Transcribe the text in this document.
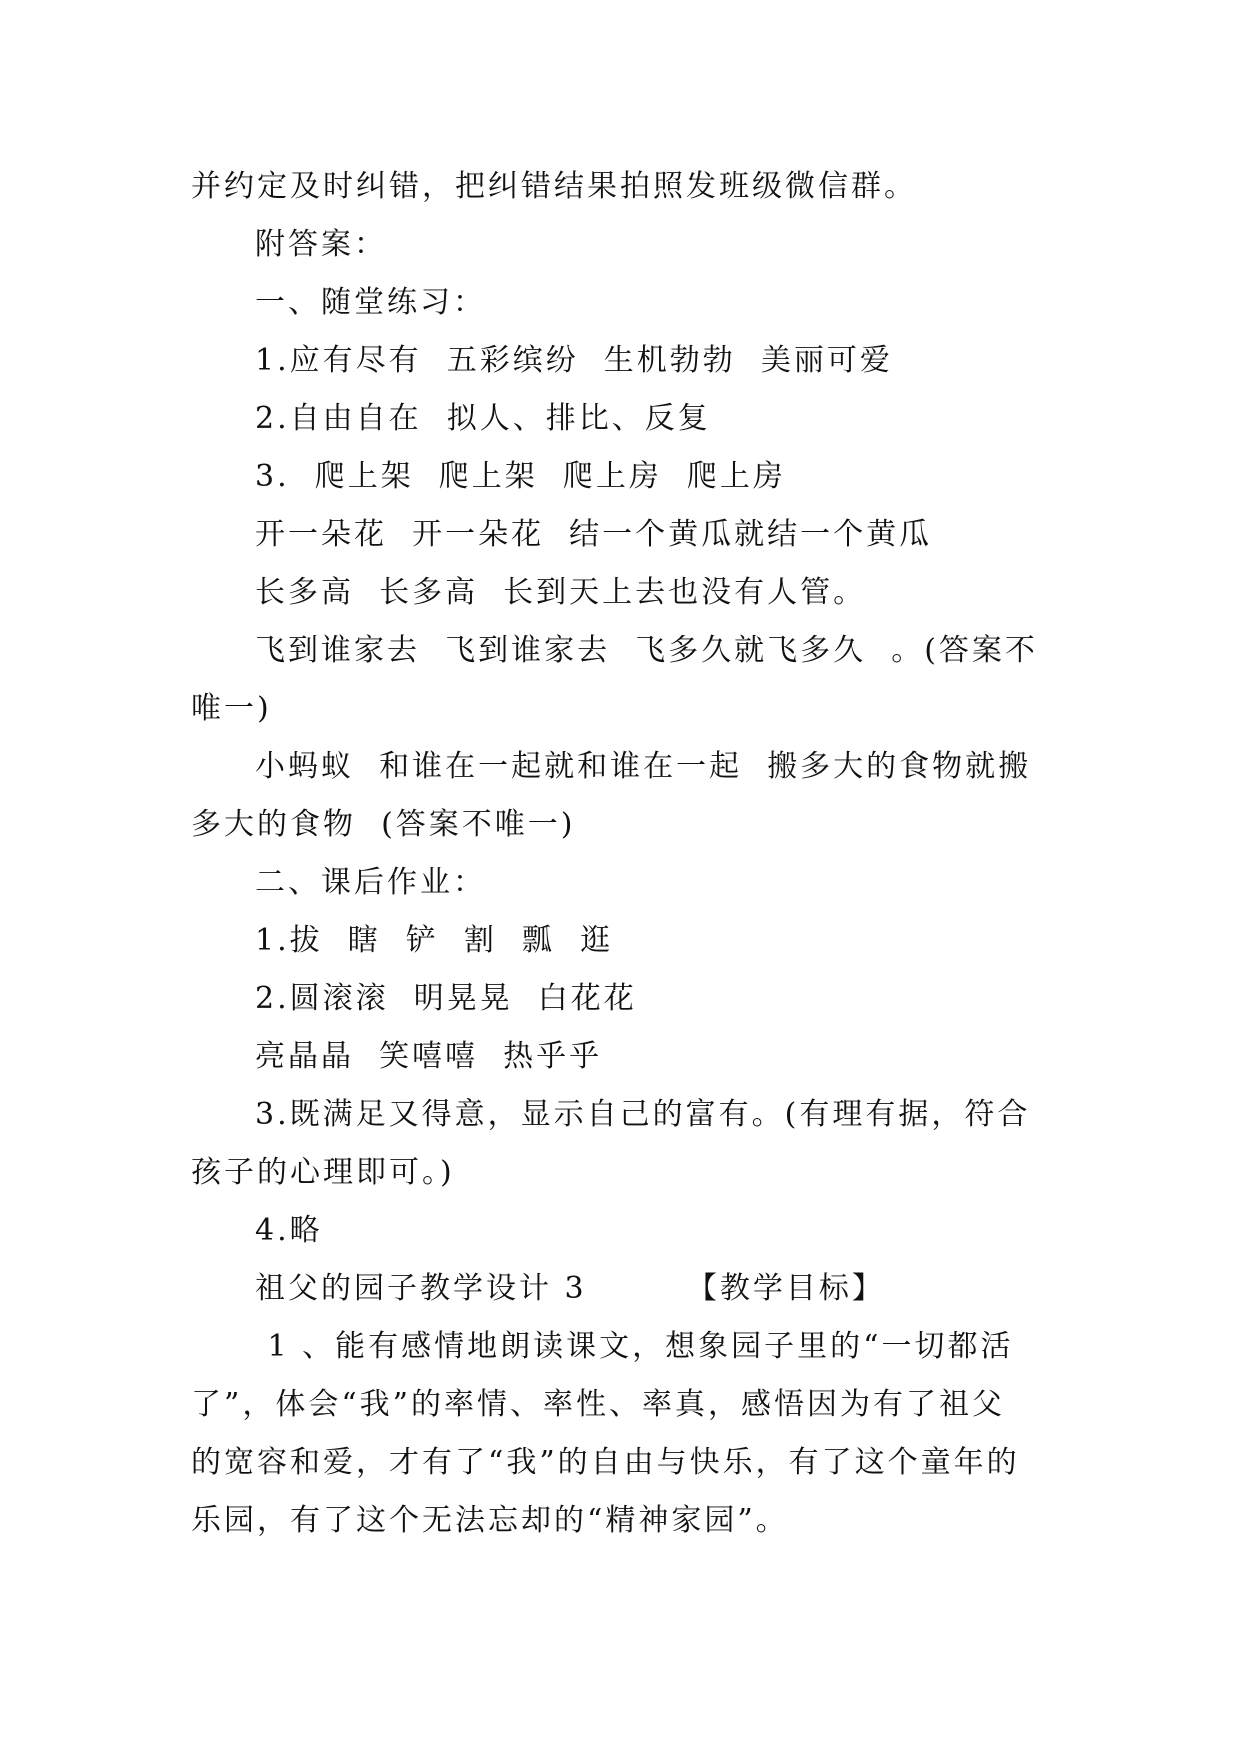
并约定及时纠错，把纠错结果拍照发班级微信群。
附答案：
一、随堂练习：
1.应有尽有  五彩缤纷  生机勃勃  美丽可爱
2.自由自在  拟人、排比、反复
3.  爬上架  爬上架  爬上房  爬上房
开一朵花  开一朵花  结一个黄瓜就结一个黄瓜
长多高  长多高  长到天上去也没有人管。
飞到谁家去  飞到谁家去  飞多久就飞多久  。(答案不
唯一)
小蚂蚁  和谁在一起就和谁在一起  搬多大的食物就搬
多大的食物  (答案不唯一)
二、课后作业：
1.拔  瞎  铲  割  瓢  逛
2.圆滚滚  明晃晃  白花花
亮晶晶  笑嘻嘻  热乎乎
3.既满足又得意，显示自己的富有。(有理有据，符合
孩子的心理即可。)
4.略
祖父的园子教学设计 3        【教学目标】
1 、能有感情地朗读课文，想象园子里的“一切都活
了”，体会“我”的率情、率性、率真，感悟因为有了祖父
的宽容和爱，才有了“我”的自由与快乐，有了这个童年的
乐园，有了这个无法忘却的“精神家园”。
